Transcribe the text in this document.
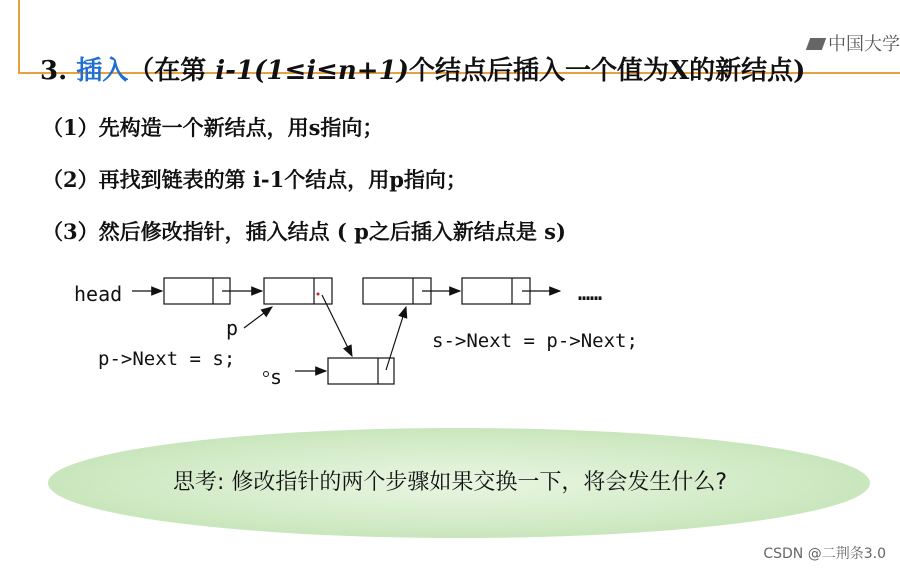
中国大学
3. 插入（在第 i-1(1≤i≤n+1)个结点后插入一个值为X的新结点)
（1）先构造一个新结点，用s指向；
（2）再找到链表的第 i-1个结点，用p指向；
（3）然后修改指针，插入结点 ( p之后插入新结点是 s)
head
p
p->Next = s;
s
s->Next = p->Next;
……
思考: 修改指针的两个步骤如果交换一下，将会发生什么?
CSDN @二荆条3.0
